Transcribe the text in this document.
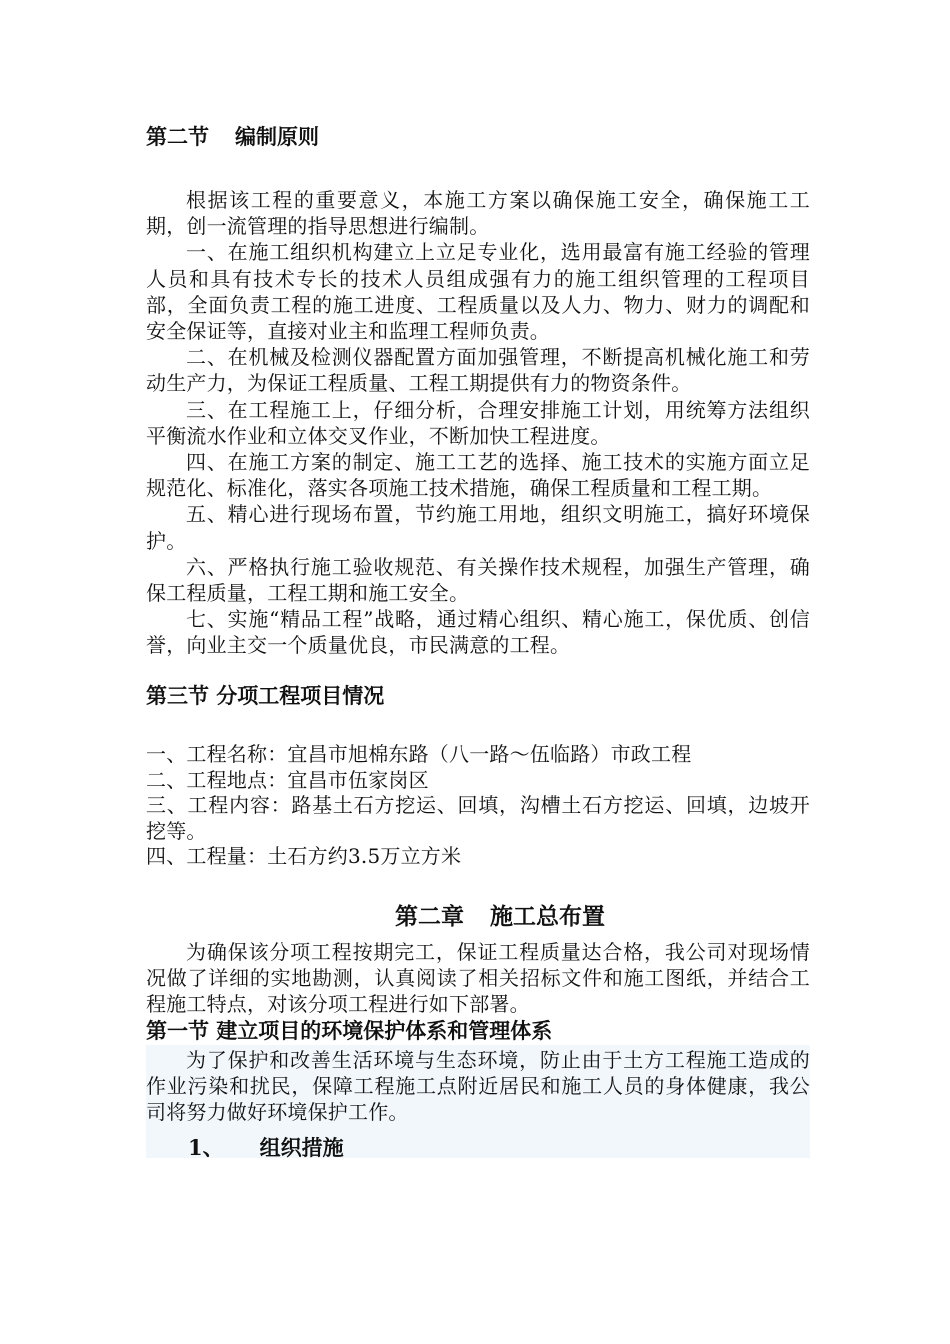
第二节 编制原则

根据该工程的重要意义，本施工方案以确保施工安全，确保施工工期，创一流管理的指导思想进行编制。

一、在施工组织机构建立上立足专业化，选用最富有施工经验的管理人员和具有技术专长的技术人员组成强有力的施工组织管理的工程项目部，全面负责工程的施工进度、工程质量以及人力、物力、财力的调配和安全保证等，直接对业主和监理工程师负责。

二、在机械及检测仪器配置方面加强管理，不断提高机械化施工和劳动生产力，为保证工程质量、工程工期提供有力的物资条件。

三、在工程施工上，仔细分析，合理安排施工计划，用统筹方法组织平衡流水作业和立体交叉作业，不断加快工程进度。

四、在施工方案的制定、施工工艺的选择、施工技术的实施方面立足规范化、标准化，落实各项施工技术措施，确保工程质量和工程工期。

五、精心进行现场布置，节约施工用地，组织文明施工，搞好环境保护。

六、严格执行施工验收规范、有关操作技术规程，加强生产管理，确保工程质量，工程工期和施工安全。

七、实施“精品工程”战略，通过精心组织、精心施工，保优质、创信誉，向业主交一个质量优良，市民满意的工程。

第三节 分项工程项目情况

一、工程名称：宜昌市旭棉东路（八一路～伍临路）市政工程

二、工程地点：宜昌市伍家岗区

三、工程内容：路基土石方挖运、回填，沟槽土石方挖运、回填，边坡开挖等。

四、工程量：土石方约3.5万立方米

第二章 施工总布置

为确保该分项工程按期完工，保证工程质量达合格，我公司对现场情况做了详细的实地勘测，认真阅读了相关招标文件和施工图纸，并结合工程施工特点，对该分项工程进行如下部署。

第一节 建立项目的环境保护体系和管理体系

为了保护和改善生活环境与生态环境，防止由于土方工程施工造成的作业污染和扰民，保障工程施工点附近居民和施工人员的身体健康，我公司将努力做好环境保护工作。

1、 组织措施
